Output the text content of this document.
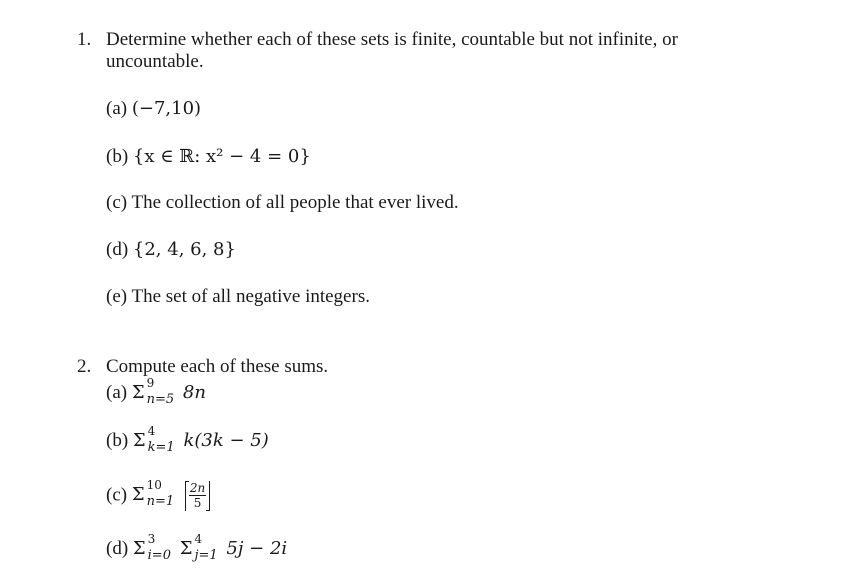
1. Determine whether each of these sets is finite, countable but not infinite, or
uncountable.
(a) (−7,10)
(b) {x ∈ ℝ: x² − 4 = 0}
(c) The collection of all people that ever lived.
(d) {2, 4, 6, 8}
(e) The set of all negative integers.
2. Compute each of these sums.
(a) Σ 9
n=5 8n
(b) Σ 4
k=1 k(3k − 5)
(c) Σ 10
$n=1 \frac{2n}{5}$
(d) Σ 3
i=0 Σ 4
j=1 5j − 2i
